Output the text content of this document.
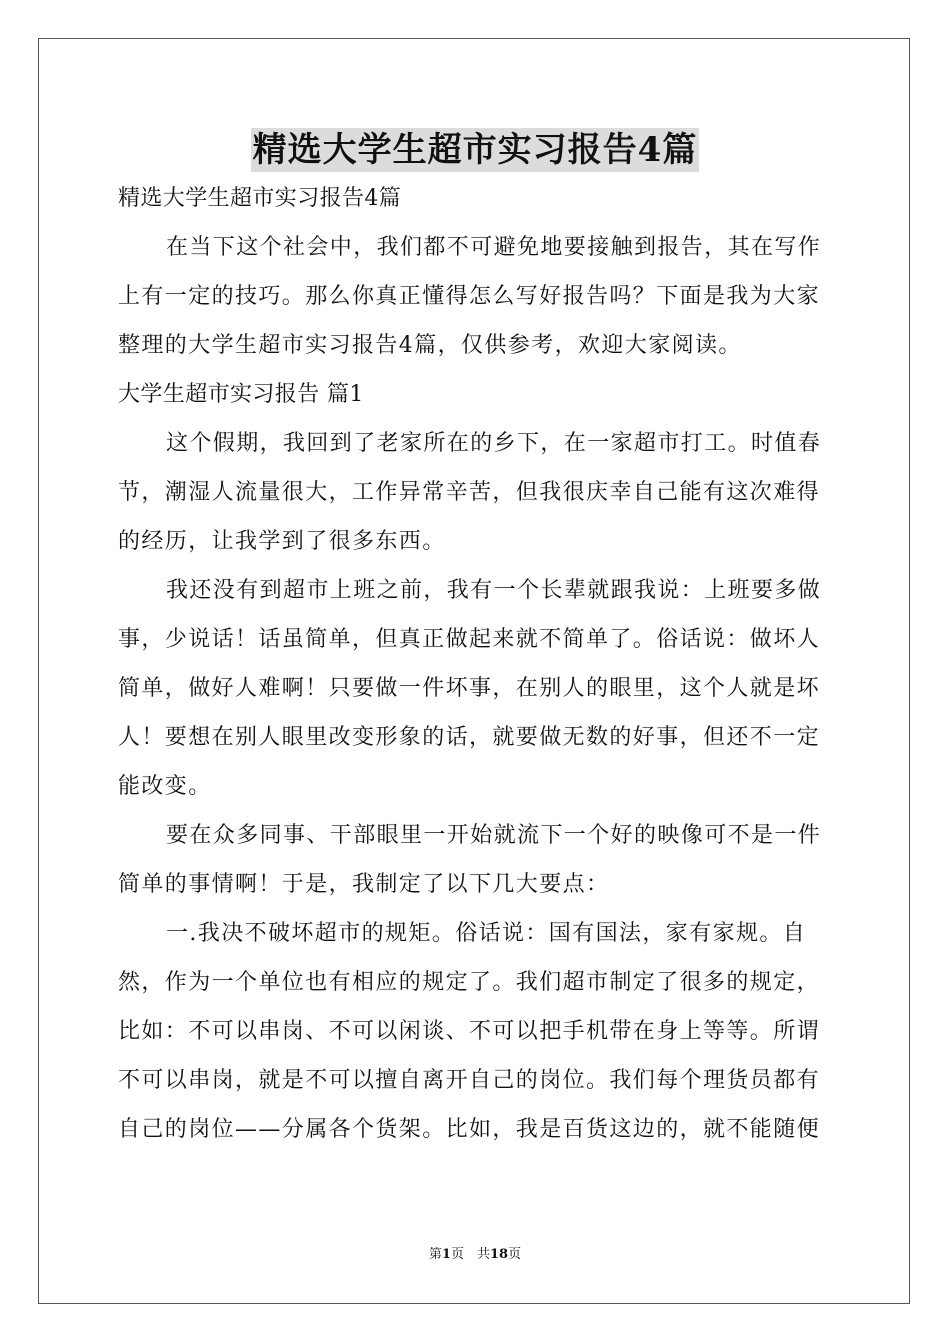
精选大学生超市实习报告4篇
精选大学生超市实习报告4篇
在当下这个社会中，我们都不可避免地要接触到报告，其在写作
上有一定的技巧。那么你真正懂得怎么写好报告吗？下面是我为大家
整理的大学生超市实习报告4篇，仅供参考，欢迎大家阅读。
大学生超市实习报告 篇1
这个假期，我回到了老家所在的乡下，在一家超市打工。时值春
节，潮湿人流量很大，工作异常辛苦，但我很庆幸自己能有这次难得
的经历，让我学到了很多东西。
我还没有到超市上班之前，我有一个长辈就跟我说：上班要多做
事，少说话！话虽简单，但真正做起来就不简单了。俗话说：做坏人
简单，做好人难啊！只要做一件坏事，在别人的眼里，这个人就是坏
人！要想在别人眼里改变形象的话，就要做无数的好事，但还不一定
能改变。
要在众多同事、干部眼里一开始就流下一个好的映像可不是一件
简单的事情啊！于是，我制定了以下几大要点：
一.我决不破坏超市的规矩。俗话说：国有国法，家有家规。自
然，作为一个单位也有相应的规定了。我们超市制定了很多的规定，
比如：不可以串岗、不可以闲谈、不可以把手机带在身上等等。所谓
不可以串岗，就是不可以擅自离开自己的岗位。我们每个理货员都有
自己的岗位——分属各个货架。比如，我是百货这边的，就不能随便
第1页　共18页
